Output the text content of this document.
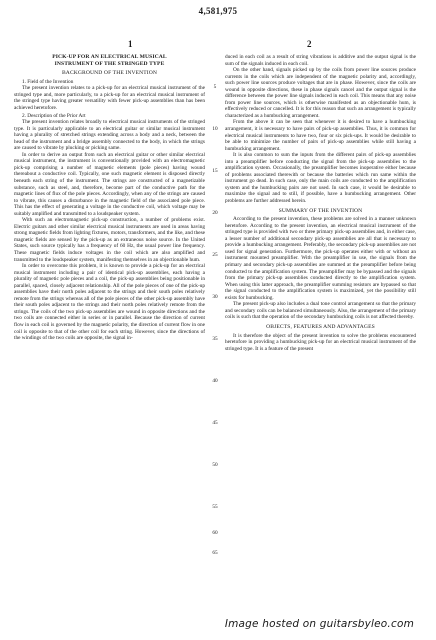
4,581,975
1	2
PICK-UP FOR AN ELECTRICAL MUSICAL
INSTRUMENT OF THE STRINGED TYPE
BACKGROUND OF THE INVENTION

1. Field of the Invention

The present invention relates to a pick-up for an electrical musical instrument of the stringed type and, more particularly, to a pick-up for an electrical musical instrument of the stringed type having greater versatility with fewer pick-up assemblies than has been achieved heretofore.

2. Description of the Prior Art

The present invention relates broadly to electrical musical instruments of the stringed type. It is particularly applicable to an electrical guitar or similar musical instrument having a plurality of stretched strings extending across a body and a neck, between the head of the instrument and a bridge assembly connected to the body, in which the strings are caused to vibrate by plucking or picking same.

In order to derive an output from such an electrical guitar or other similar electrical musical instrument, the instrument is conventionally provided with an electromagnetic pick-up comprising a number of magnetic elements (pole pieces) having wound thereabout a conductive coil. Typically, one such magnetic element is disposed directly beneath each string of the instrument. The strings are constructed of a magnetizable substance, such as steel, and, therefore, become part of the conductive path for the magnetic lines of flux of the pole pieces. Accordingly, when any of the strings are caused to vibrate, this causes a disturbance in the magnetic field of the associated pole piece. This has the effect of generating a voltage in the conductive coil, which voltage may be suitably amplified and transmitted to a loudspeaker system.

With such an electromagnetic pick-up construction, a number of problems exist. Electric guitars and other similar electrical musical instruments are used in areas having strong magnetic fields from lighting fixtures, motors, transformers, and the like, and these magnetic fields are sensed by the pick-up as an extraneous noise source. In the United States, such source typically has a frequency of 60 Hz, the usual power line frequency. These magnetic fields induce voltages in the coil which are also amplified and transmitted to the loudspeaker system, manifesting themselves in an objectionable hum.

In order to overcome this problem, it is known to provide a pick-up for an electrical musical instrument including a pair of identical pick-up assemblies, each having a plurality of magnetic pole pieces and a coil, the pick-up assemblies being positionable in parallel, spaced, closely adjacent relationship. All of the pole pieces of one of the pick-up assemblies have their north poles adjacent to the strings and their south poles relatively remote from the strings whereas all of the pole pieces of the other pick-up assembly have their south poles adjacent to the strings and their north poles relatively remote from the strings. The coils of the two pick-up assemblies are wound in opposite directions and the two coils are connected either in series or in parallel. Because the direction of current flow in each coil is governed by the magnetic polarity, the direction of current flow in one coil is opposite to that of the other coil for each string. However, since the directions of the windings of the two coils are opposite, the signal in-

5
10
15
20
25
30
35
40
45
50
55
60
65

duced in each coil as a result of string vibrations is additive and the output signal is the sum of the signals induced in each coil.

On the other hand, signals picked up by the coils from power line sources produce currents in the coils which are independent of the magnetic polarity and, accordingly, such power line sources produce voltages that are in phase. However, since the coils are wound in opposite directions, these in phase signals cancel and the output signal is the difference between the power line signals induced in each coil. This means that any noise from power line sources, which is otherwise manifested as an objectionable hum, is effectively reduced or cancelled. It is for this reason that such an arrangement is typically characterized as a humbucking arrangement.

From the above it can be seen that whenever it is desired to have a humbucking arrangement, it is necessary to have pairs of pick-up assemblies. Thus, it is common for electrical musical instruments to have two, four or six pick-ups. It would be desirable to be able to minimize the number of pairs of pick-up assemblies while still having a humbucking arrangement.

It is also common to sum the inputs from the different pairs of pick-up assemblies into a preamplifier before conducting the signal from the pick-up assemblies to the amplification system. Occasionally, the preamplifier becomes inoperative either because of problems associated therewith or because the batteries which run same within the instrument go dead. In such case, only the main coils are conducted to the amplification system and the humbucking pairs are not used. In such case, it would be desirable to maximize the signal and to still, if possible, have a humbucking arrangement. Other problems are further addressed herein.

SUMMARY OF THE INVENTION

According to the present invention, these problems are solved in a manner unknown heretofore. According to the present invention, an electrical musical instrument of the stringed type is provided with two or three primary pick-up assemblies and, in either case, a lesser number of additional secondary pick-up assemblies are all that is necessary to provide a humbucking arrangement. Preferably, the secondary pick-up assemblies are not used for signal generation. Furthermore, the pick-up operates either with or without an instrument mounted preamplifier. With the preamplifier in use, the signals from the primary and secondary pick-up assemblies are summed at the preamplifier before being conducted to the amplification system. The preamplifier may be bypassed and the signals from the primary pick-up assemblies conducted directly to the amplification system. When using this latter approach, the preamplifier summing resistors are bypassed so that the signal conducted to the amplification system is maximized, yet the possibility still exists for humbucking.

The present pick-up also includes a dual tone control arrangement so that the primary and secondary coils can be balanced simultaneously. Also, the arrangement of the primary coils is such that the operation of the secondary humbucking coils is not affected thereby.

OBJECTS, FEATURES AND ADVANTAGES

It is therefore the object of the present invention to solve the problems encountered heretofore in providing a humbucking pick-up for an electrical musical instrument of the stringed type. It is a feature of the present

Image hosted on guitarsbyleo.com
